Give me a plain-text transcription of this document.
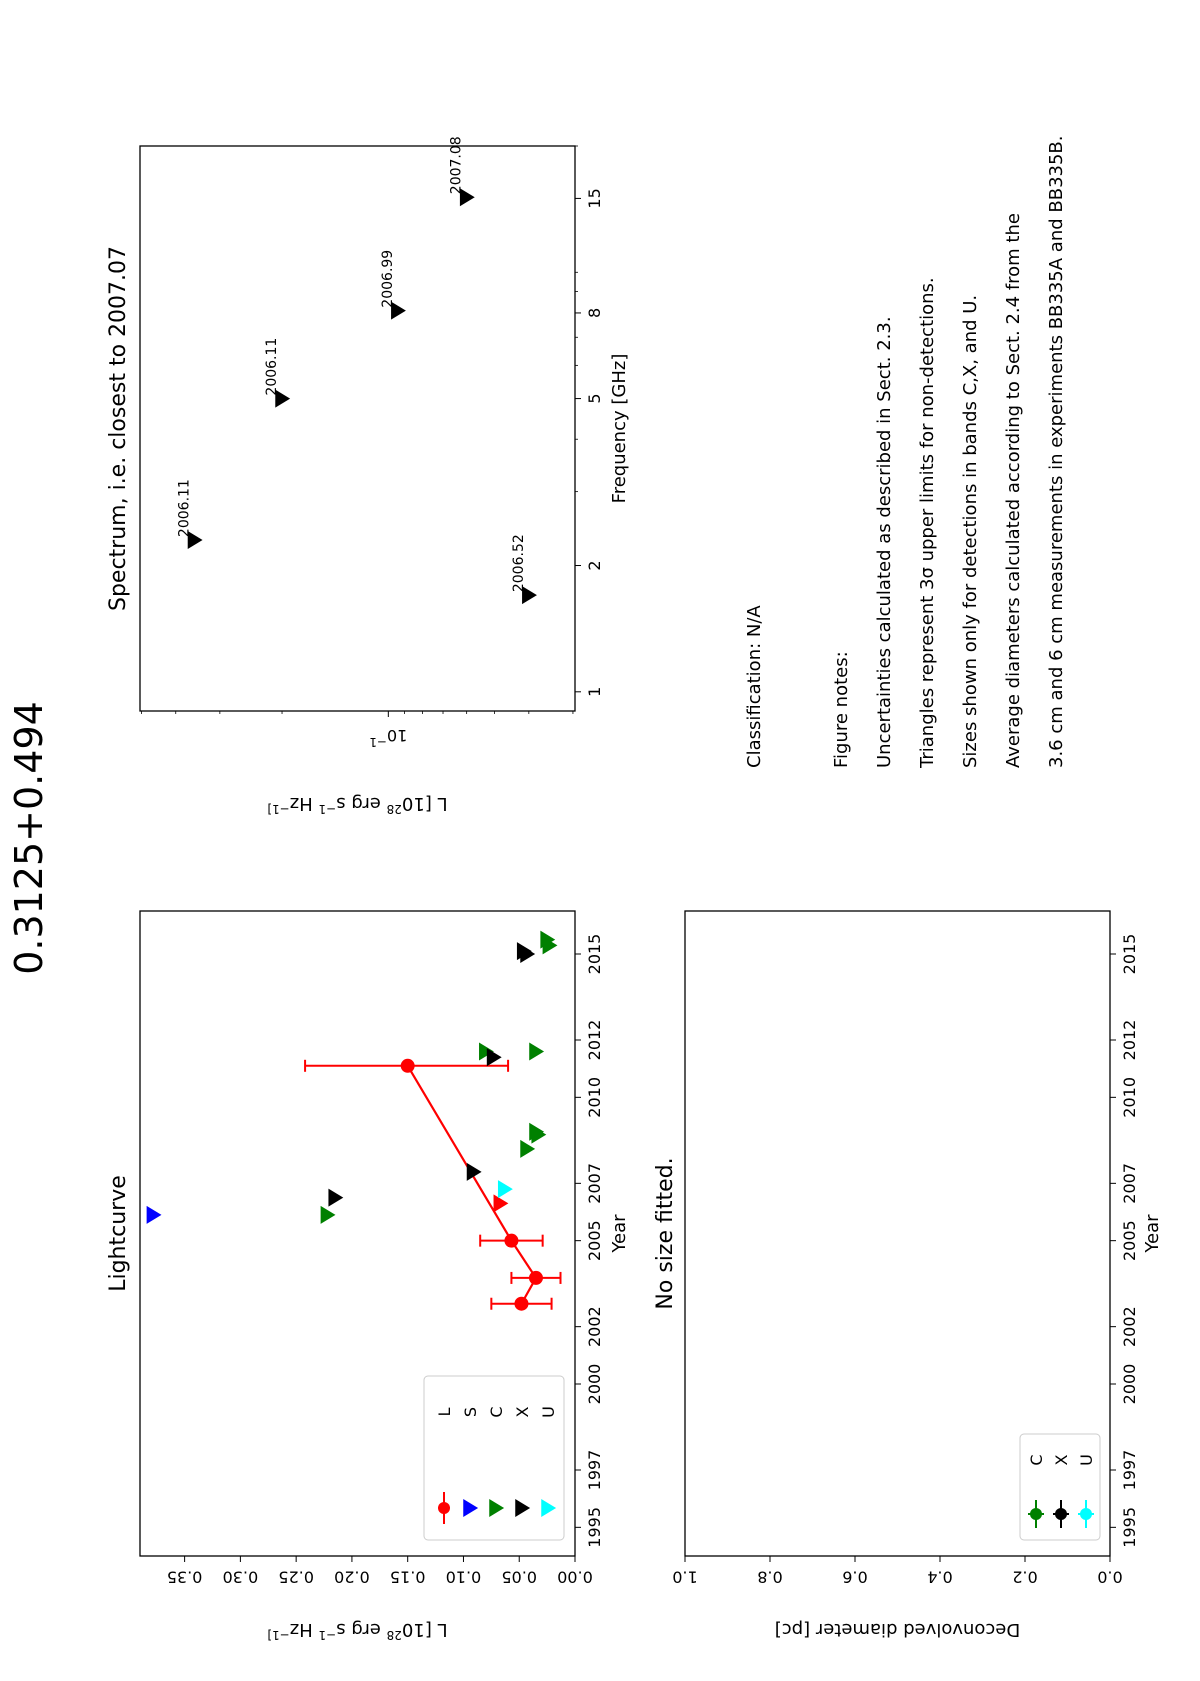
0.3125+0.494
Lightcurve
1995
1997
2000
2002
2005
2007
2010
2012
2015
0.00
0.05
0.10
0.15
0.20
0.25
0.30
0.35
Year
L [$10^{28}$ erg $s^{-1}$ $Hz^{-1]}$
L S C X U
Spectrum, i.e. closest to 2007.07
1
2
5
8
15
$10^{-1}$
Frequency [GHz]
L [$10^{28}$ erg $s^{-1}$ $Hz^{-1]}$
2006.52
2006.11
2006.11
2006.99
2007.08
No size fitted.
1995
1997
2000
2002
2005
2007
2010
2012
2015
0.0
0.2
0.4
0.6
0.8
1.0
Year
Deconvolved diameter [pc]
C X U
Classification: N/A	Figure notes: Uncertainties calculated as described in Sect. 2.3. Triangles represent 3σ upper limits for non-detections. Sizes shown only for detections in bands C,X, and U. Average diameters calculated according to Sect. 2.4 from the 3.6 cm and 6 cm measurements in experiments BB335A and BB335B.
